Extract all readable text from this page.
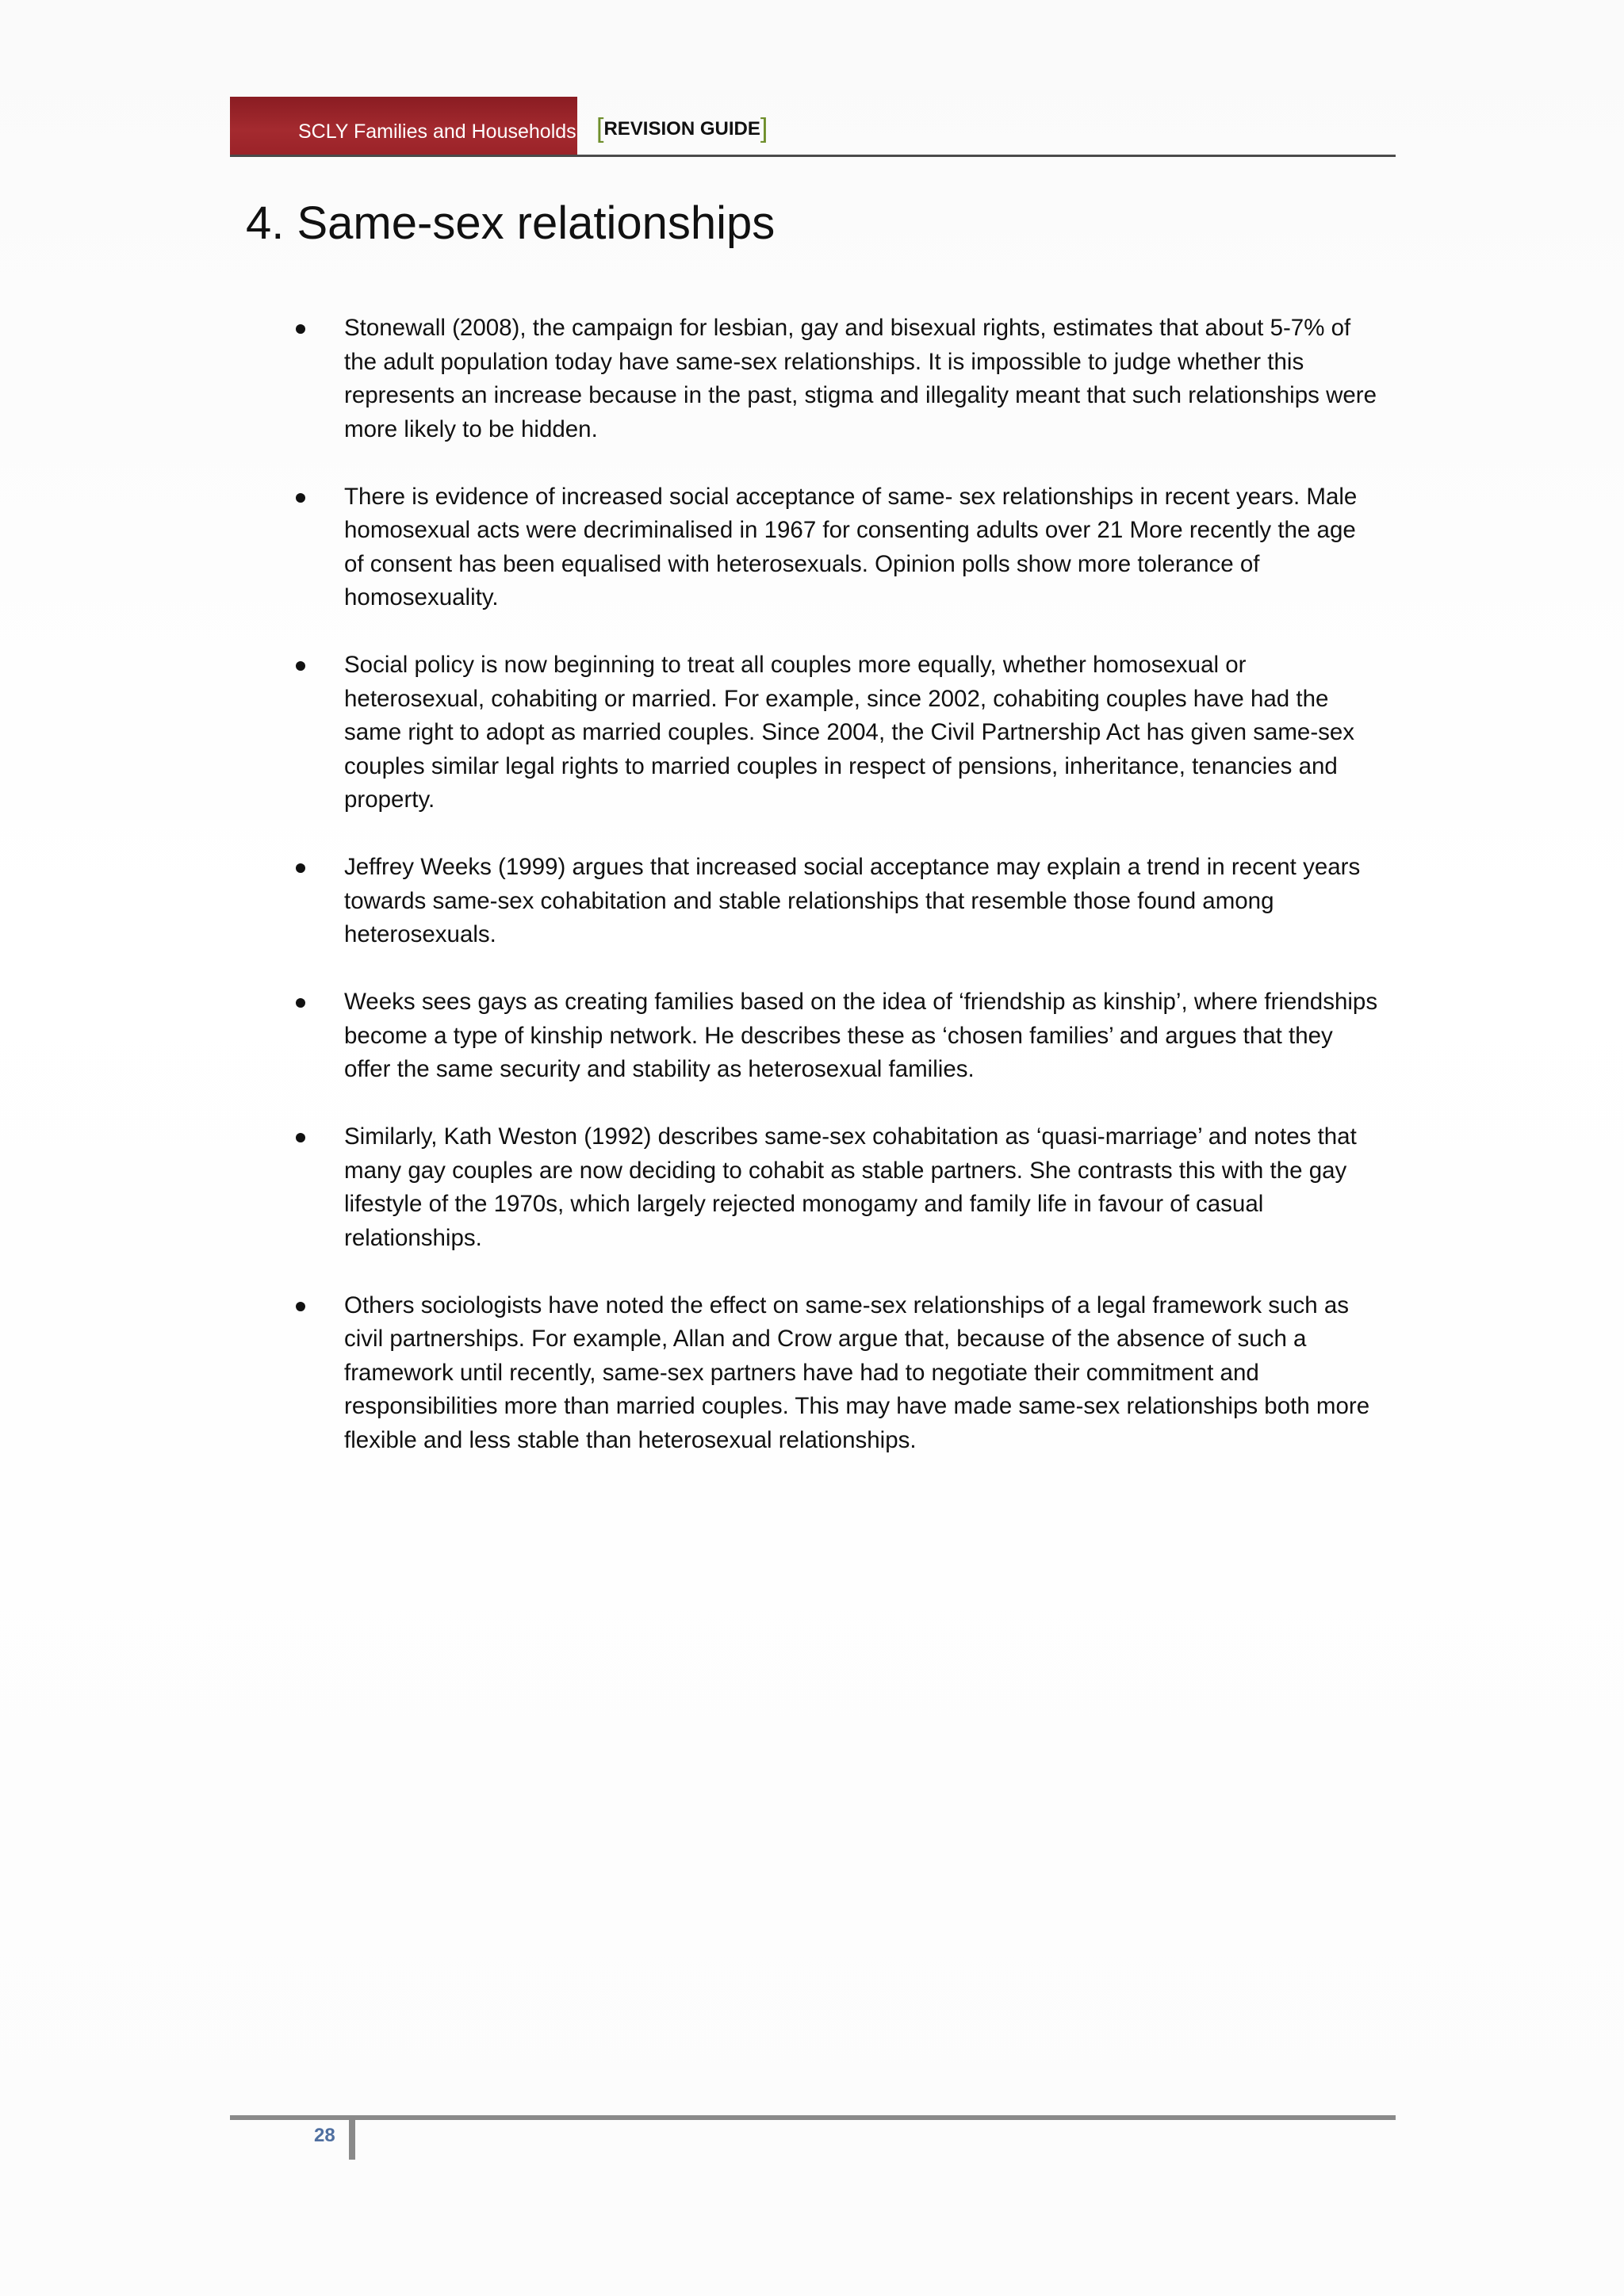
SCLY Families and Households [REVISION GUIDE]
4. Same-sex relationships
Stonewall (2008), the campaign for lesbian, gay and bisexual rights, estimates that about 5-7% of the adult population today have same-sex relationships. It is impossible to judge whether this represents an increase because in the past, stigma and illegality meant that such relationships were more likely to be hidden.
There is evidence of increased social acceptance of same- sex relationships in recent years. Male homosexual acts were decriminalised in 1967 for consenting adults over 21 More recently the age of consent has been equalised with heterosexuals. Opinion polls show more tolerance of homosexuality.
Social policy is now beginning to treat all couples more equally, whether homosexual or heterosexual, cohabiting or married. For example, since 2002, cohabiting couples have had the same right to adopt as married couples. Since 2004, the Civil Partnership Act has given same-sex couples similar legal rights to married couples in respect of pensions, inheritance, tenancies and property.
Jeffrey Weeks (1999) argues that increased social acceptance may explain a trend in recent years towards same-sex cohabitation and stable relationships that resemble those found among heterosexuals.
Weeks sees gays as creating families based on the idea of ‘friendship as kinship’, where friendships become a type of kinship network. He describes these as ‘chosen families’ and argues that they offer the same security and stability as heterosexual families.
Similarly, Kath Weston (1992) describes same-sex cohabitation as ‘quasi-marriage’ and notes that many gay couples are now deciding to cohabit as stable partners. She contrasts this with the gay lifestyle of the 1970s, which largely rejected monogamy and family life in favour of casual relationships.
Others sociologists have noted the effect on same-sex relationships of a legal framework such as civil partnerships. For example, Allan and Crow argue that, because of the absence of such a framework until recently, same-sex partners have had to negotiate their commitment and responsibilities more than married couples. This may have made same-sex relationships both more flexible and less stable than heterosexual relationships.
28
